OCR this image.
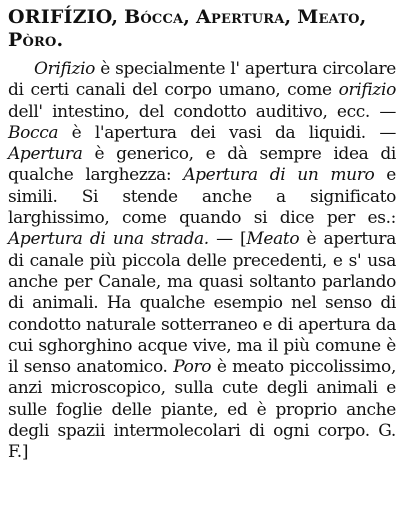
ORIFÍZIO, Bócca, Apertura, Meato, Pòro.

Orifizio è specialmente l' apertura circolare di certi canali del corpo umano, come orifizio dell' intestino, del condotto auditivo, ecc. — Bocca è l'apertura dei vasi da liquidi. — Apertura è generico, e dà sempre idea di qualche larghezza: Apertura di un muro e simili. Si stende anche a significato larghissimo, come quando si dice per es.: Apertura di una strada. — [Meato è apertura di canale più piccola delle precedenti, e s' usa anche per Canale, ma quasi soltanto parlando di animali. Ha qualche esempio nel senso di condotto naturale sotterraneo e di apertura da cui sghorghino acque vive, ma il più comune è il senso anatomico. Poro è meato piccolissimo, anzi microscopico, sulla cute degli animali e sulle foglie delle piante, ed è proprio anche degli spazii intermolecolari di ogni corpo. G. F.]
